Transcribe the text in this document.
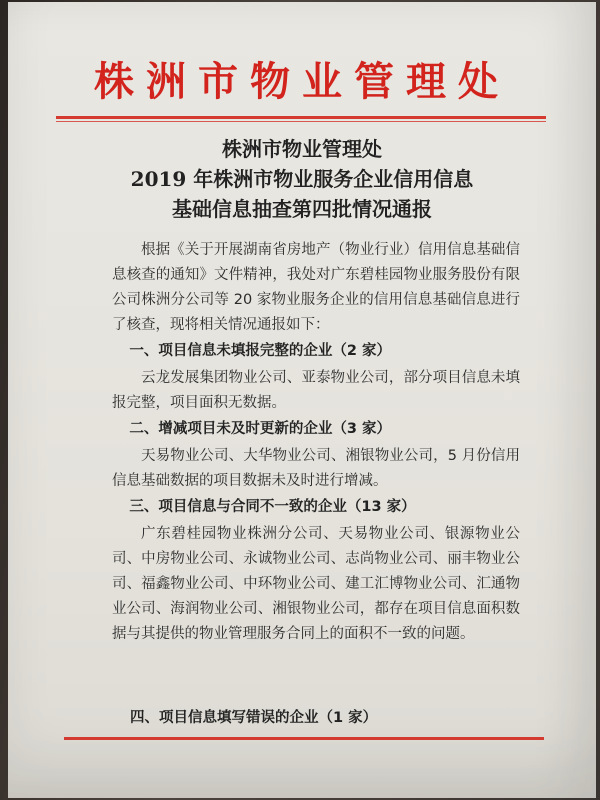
株洲市物业管理处
株洲市物业管理处
2019 年株洲市物业服务企业信用信息
基础信息抽查第四批情况通报

根据《关于开展湖南省房地产（物业行业）信用信息基础信息核查的通知》文件精神，我处对广东碧桂园物业服务股份有限公司株洲分公司等 20 家物业服务企业的信用信息基础信息进行了核查，现将相关情况通报如下：

一、项目信息未填报完整的企业（2 家）

云龙发展集团物业公司、亚泰物业公司，部分项目信息未填报完整，项目面积无数据。

二、增减项目未及时更新的企业（3 家）

天易物业公司、大华物业公司、湘银物业公司，5 月份信用信息基础数据的项目数据未及时进行增减。

三、项目信息与合同不一致的企业（13 家）

广东碧桂园物业株洲分公司、天易物业公司、银源物业公司、中房物业公司、永诚物业公司、志尚物业公司、丽丰物业公司、福鑫物业公司、中环物业公司、建工汇博物业公司、汇通物业公司、海润物业公司、湘银物业公司，都存在项目信息面积数据与其提供的物业管理服务合同上的面积不一致的问题。

四、项目信息填写错误的企业（1 家）
